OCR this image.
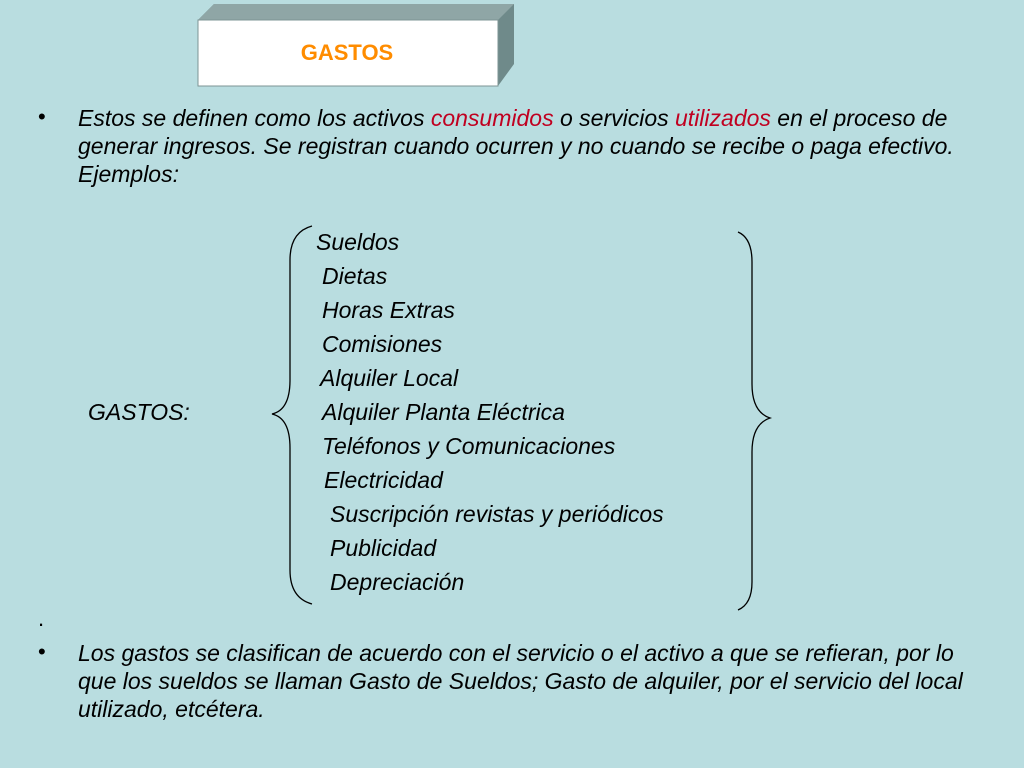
GASTOS
• Estos se definen como los activos consumidos o servicios utilizados en el proceso de generar ingresos. Se registran cuando ocurren y no cuando se recibe o paga efectivo. Ejemplos:
GASTOS:
Sueldos
Dietas
Horas Extras
Comisiones
Alquiler Local
Alquiler Planta Eléctrica
Teléfonos y Comunicaciones
Electricidad
Suscripción revistas y periódicos
Publicidad
Depreciación
.
• Los gastos se clasifican de acuerdo con el servicio o el activo a que se refieran, por lo que los sueldos se llaman Gasto de Sueldos; Gasto de alquiler, por el servicio del local utilizado, etcétera.
